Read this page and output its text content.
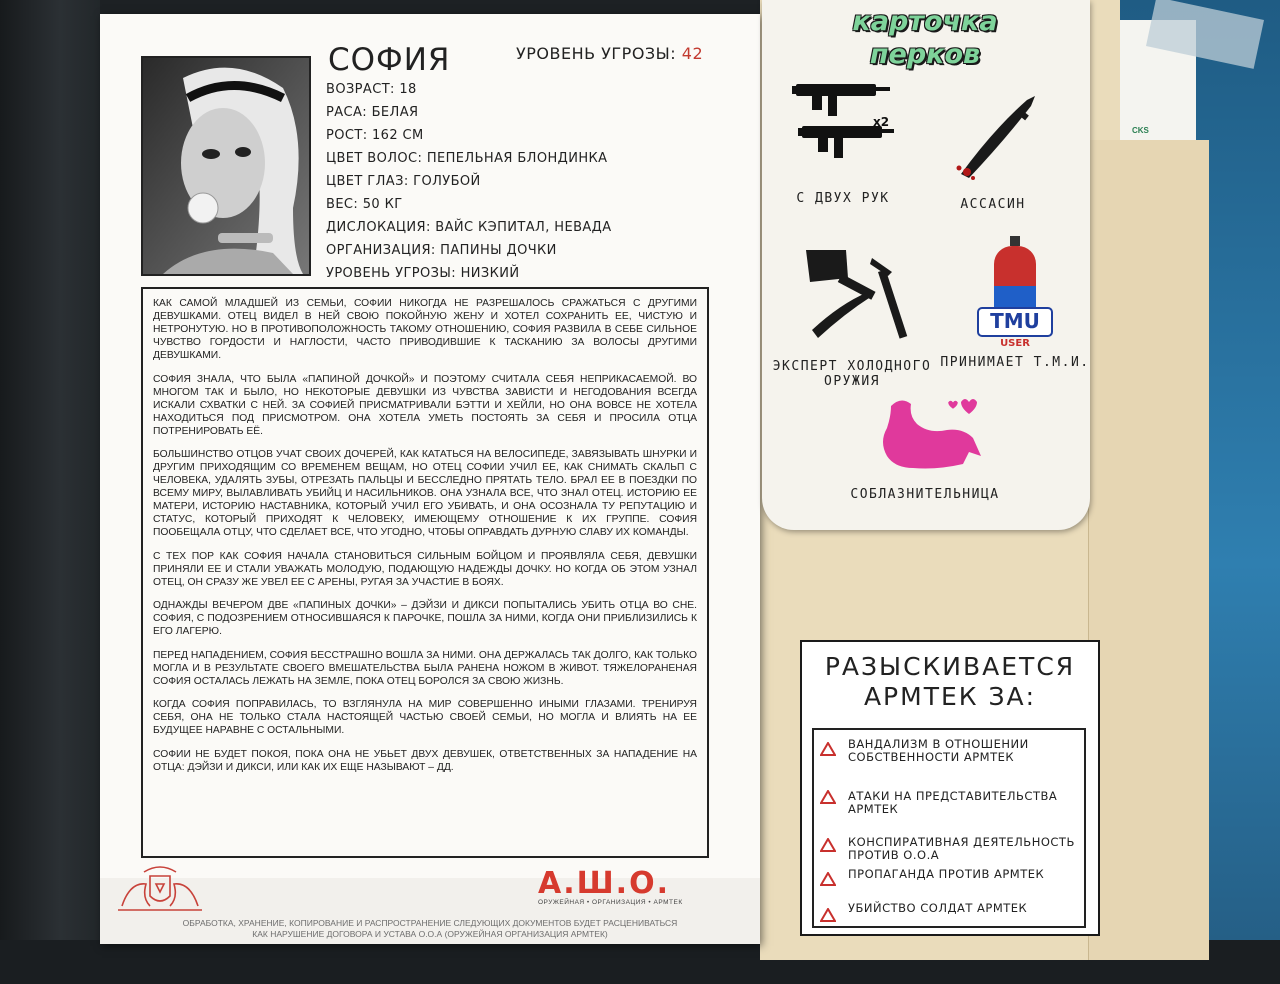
CKS
СОФИЯ	УРОВЕНЬ УГРОЗЫ: 42
ВОЗРАСТ: 18
РАСА: БЕЛАЯ
РОСТ: 162 СМ
ЦВЕТ ВОЛОС: ПЕПЕЛЬНАЯ БЛОНДИНКА
ЦВЕТ ГЛАЗ: ГОЛУБОЙ
ВЕС: 50 КГ
ДИСЛОКАЦИЯ: ВАЙС КЭПИТАЛ, НЕВАДА
ОРГАНИЗАЦИЯ: ПАПИНЫ ДОЧКИ
УРОВЕНЬ УГРОЗЫ: НИЗКИЙ

КАК САМОЙ МЛАДШЕЙ ИЗ СЕМЬИ, СОФИИ НИКОГДА НЕ РАЗРЕШАЛОСЬ СРАЖАТЬСЯ С ДРУГИМИ ДЕВУШКАМИ. ОТЕЦ ВИДЕЛ В НЕЙ СВОЮ ПОКОЙНУЮ ЖЕНУ И ХОТЕЛ СОХРАНИТЬ ЕЕ, ЧИСТУЮ И НЕТРОНУТУЮ. НО В ПРОТИВОПОЛОЖНОСТЬ ТАКОМУ ОТНОШЕНИЮ, СОФИЯ РАЗВИЛА В СЕБЕ СИЛЬНОЕ ЧУВСТВО ГОРДОСТИ И НАГЛОСТИ, ЧАСТО ПРИВОДИВШИЕ К ТАСКАНИЮ ЗА ВОЛОСЫ ДРУГИМИ ДЕВУШКАМИ.

СОФИЯ ЗНАЛА, ЧТО БЫЛА «ПАПИНОЙ ДОЧКОЙ» И ПОЭТОМУ СЧИТАЛА СЕБЯ НЕПРИКАСАЕМОЙ. ВО МНОГОМ ТАК И БЫЛО, НО НЕКОТОРЫЕ ДЕВУШКИ ИЗ ЧУВСТВА ЗАВИСТИ И НЕГОДОВАНИЯ ВСЕГДА ИСКАЛИ СХВАТКИ С НЕЙ. ЗА СОФИЕЙ ПРИСМАТРИВАЛИ БЭТТИ И ХЕЙЛИ, НО ОНА ВОВСЕ НЕ ХОТЕЛА НАХОДИТЬСЯ ПОД ПРИСМОТРОМ. ОНА ХОТЕЛА УМЕТЬ ПОСТОЯТЬ ЗА СЕБЯ И ПРОСИЛА ОТЦА ПОТРЕНИРОВАТЬ ЕЁ.

БОЛЬШИНСТВО ОТЦОВ УЧАТ СВОИХ ДОЧЕРЕЙ, КАК КАТАТЬСЯ НА ВЕЛОСИПЕДЕ, ЗАВЯЗЫВАТЬ ШНУРКИ И ДРУГИМ ПРИХОДЯЩИМ СО ВРЕМЕНЕМ ВЕЩАМ, НО ОТЕЦ СОФИИ УЧИЛ ЕЕ, КАК СНИМАТЬ СКАЛЬП С ЧЕЛОВЕКА, УДАЛЯТЬ ЗУБЫ, ОТРЕЗАТЬ ПАЛЬЦЫ И БЕССЛЕДНО ПРЯТАТЬ ТЕЛО. БРАЛ ЕЕ В ПОЕЗДКИ ПО ВСЕМУ МИРУ, ВЫЛАВЛИВАТЬ УБИЙЦ И НАСИЛЬНИКОВ. ОНА УЗНАЛА ВСЕ, ЧТО ЗНАЛ ОТЕЦ. ИСТОРИЮ ЕЕ МАТЕРИ, ИСТОРИЮ НАСТАВНИКА, КОТОРЫЙ УЧИЛ ЕГО УБИВАТЬ, И ОНА ОСОЗНАЛА ТУ РЕПУТАЦИЮ И СТАТУС, КОТОРЫЙ ПРИХОДЯТ К ЧЕЛОВЕКУ, ИМЕЮЩЕМУ ОТНОШЕНИЕ К ИХ ГРУППЕ. СОФИЯ ПООБЕЩАЛА ОТЦУ, ЧТО СДЕЛАЕТ ВСЕ, ЧТО УГОДНО, ЧТОБЫ ОПРАВДАТЬ ДУРНУЮ СЛАВУ ИХ КОМАНДЫ.

С ТЕХ ПОР КАК СОФИЯ НАЧАЛА СТАНОВИТЬСЯ СИЛЬНЫМ БОЙЦОМ И ПРОЯВЛЯЛА СЕБЯ, ДЕВУШКИ ПРИНЯЛИ ЕЕ И СТАЛИ УВАЖАТЬ МОЛОДУЮ, ПОДАЮЩУЮ НАДЕЖДЫ ДОЧКУ. НО КОГДА ОБ ЭТОМ УЗНАЛ ОТЕЦ, ОН СРАЗУ ЖЕ УВЕЛ ЕЕ С АРЕНЫ, РУГАЯ ЗА УЧАСТИЕ В БОЯХ.

ОДНАЖДЫ ВЕЧЕРОМ ДВЕ «ПАПИНЫХ ДОЧКИ» – ДЭЙЗИ И ДИКСИ ПОПЫТАЛИСЬ УБИТЬ ОТЦА ВО СНЕ. СОФИЯ, С ПОДОЗРЕНИЕМ ОТНОСИВШАЯСЯ К ПАРОЧКЕ, ПОШЛА ЗА НИМИ, КОГДА ОНИ ПРИБЛИЗИЛИСЬ К ЕГО ЛАГЕРЮ.

ПЕРЕД НАПАДЕНИЕМ, СОФИЯ БЕССТРАШНО ВОШЛА ЗА НИМИ. ОНА ДЕРЖАЛАСЬ ТАК ДОЛГО, КАК ТОЛЬКО МОГЛА И В РЕЗУЛЬТАТЕ СВОЕГО ВМЕШАТЕЛЬСТВА БЫЛА РАНЕНА НОЖОМ В ЖИВОТ. ТЯЖЕЛОРАНЕНАЯ СОФИЯ ОСТАЛАСЬ ЛЕЖАТЬ НА ЗЕМЛЕ, ПОКА ОТЕЦ БОРОЛСЯ ЗА СВОЮ ЖИЗНЬ.

КОГДА СОФИЯ ПОПРАВИЛАСЬ, ТО ВЗГЛЯНУЛА НА МИР СОВЕРШЕННО ИНЫМИ ГЛАЗАМИ. ТРЕНИРУЯ СЕБЯ, ОНА НЕ ТОЛЬКО СТАЛА НАСТОЯЩЕЙ ЧАСТЬЮ СВОЕЙ СЕМЬИ, НО МОГЛА И ВЛИЯТЬ НА ЕЕ БУДУЩЕЕ НАРАВНЕ С ОСТАЛЬНЫМИ.

СОФИИ НЕ БУДЕТ ПОКОЯ, ПОКА ОНА НЕ УБЬЕТ ДВУХ ДЕВУШЕК, ОТВЕТСТВЕННЫХ ЗА НАПАДЕНИЕ НА ОТЦА: ДЭЙЗИ И ДИКСИ, ИЛИ КАК ИХ ЕЩЕ НАЗЫВАЮТ – ДД.

А.Ш.О.
ОРУЖЕЙНАЯ • ОРГАНИЗАЦИЯ • АРМТЕК
ОБРАБОТКА, ХРАНЕНИЕ, КОПИРОВАНИЕ И РАСПРОСТРАНЕНИЕ СЛЕДУЮЩИХ ДОКУМЕНТОВ БУДЕТ РАСЦЕНИВАТЬСЯ
КАК НАРУШЕНИЕ ДОГОВОРА И УСТАВА О.О.А (ОРУЖЕЙНАЯ ОРГАНИЗАЦИЯ АРМТЕК)
карточка
перков
x2
С ДВУХ РУК	АССАСИН
ЭКСПЕРТ ХОЛОДНОГО ОРУЖИЯ
TMU
USER
ПРИНИМАЕТ Т.М.И.
СОБЛАЗНИТЕЛЬНИЦА
РАЗЫСКИВАЕТСЯ
АРМТЕК ЗА:
ВАНДАЛИЗМ В ОТНОШЕНИИ СОБСТВЕННОСТИ АРМТЕК
АТАКИ НА ПРЕДСТАВИТЕЛЬСТВА АРМТЕК
КОНСПИРАТИВНАЯ ДЕЯТЕЛЬНОСТЬ ПРОТИВ О.О.А
ПРОПАГАНДА ПРОТИВ АРМТЕК
УБИЙСТВО СОЛДАТ АРМТЕК
